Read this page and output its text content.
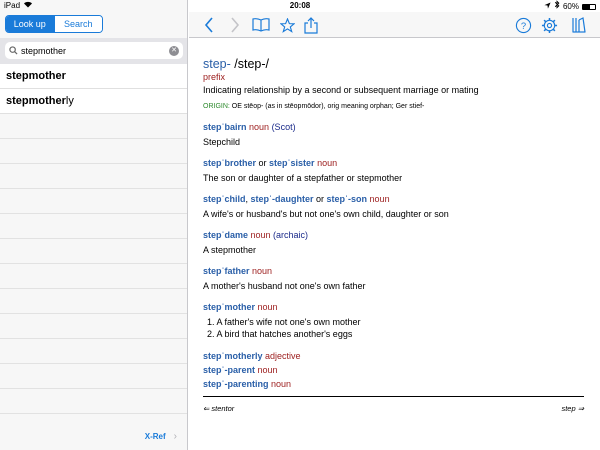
iPad	20:08	60%
Look up	Search
stepmother
✕
stepmother
stepmotherly
X-Ref ›
?
step- /step-/
prefix
Indicating relationship by a second or subsequent marriage or mating
ORIGIN: OE stēop- (as in stēopmōdor), orig meaning orphan; Ger stief-
stepˈbairn noun (Scot)
Stepchild
stepˈbrother or stepˈsister noun
The son or daughter of a stepfather or stepmother
stepˈchild, stepˈ-daughter or stepˈ-son noun
A wife's or husband's but not one's own child, daughter or son
stepˈdame noun (archaic)
A stepmother
stepˈfather noun
A mother's husband not one's own father
stepˈmother noun
1. A father's wife not one's own mother
2. A bird that hatches another's eggs
stepˈmotherly adjective
stepˈ-parent noun
stepˈ-parenting noun
⇐ stentor	step ⇒
